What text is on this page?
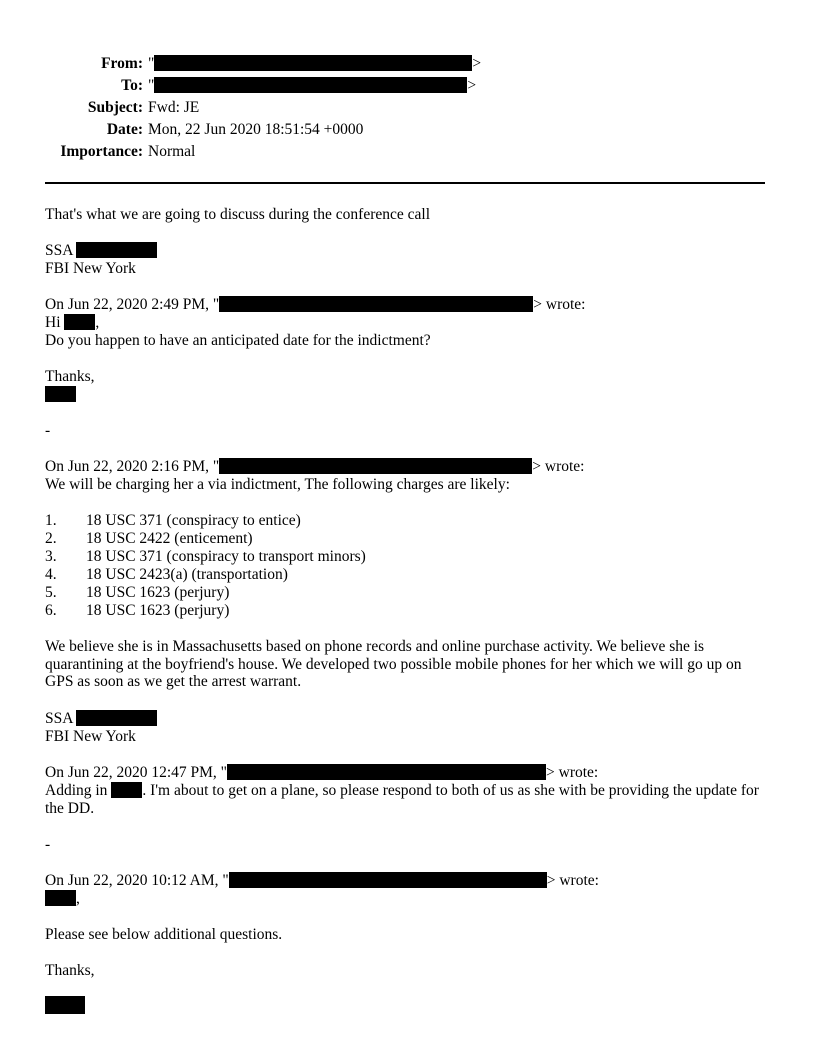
From: "	>
To: "	>
Subject: Fwd: JE
Date: Mon, 22 Jun 2020 18:51:54 +0000
Importance: Normal
That's what we are going to discuss during the conference call
SSA
FBI New York
On Jun 22, 2020 2:49 PM, "	> wrote:
Hi ,
Do you happen to have an anticipated date for the indictment?
Thanks,
-
On Jun 22, 2020 2:16 PM, "	> wrote:
We will be charging her a via indictment, The following charges are likely:
1. 18 USC 371 (conspiracy to entice)
2. 18 USC 2422 (enticement)
3. 18 USC 371 (conspiracy to transport minors)
4. 18 USC 2423(a) (transportation)
5. 18 USC 1623 (perjury)
6. 18 USC 1623 (perjury)
We believe she is in Massachusetts based on phone records and online purchase activity. We believe she is quarantining at the boyfriend's house. We developed two possible mobile phones for her which we will go up on GPS as soon as we get the arrest warrant.
SSA
FBI New York
On Jun 22, 2020 12:47 PM, "	> wrote:
Adding in . I'm about to get on a plane, so please respond to both of us as she with be providing the update for the DD.
-
On Jun 22, 2020 10:12 AM, "	> wrote:
,
Please see below additional questions.
Thanks,
